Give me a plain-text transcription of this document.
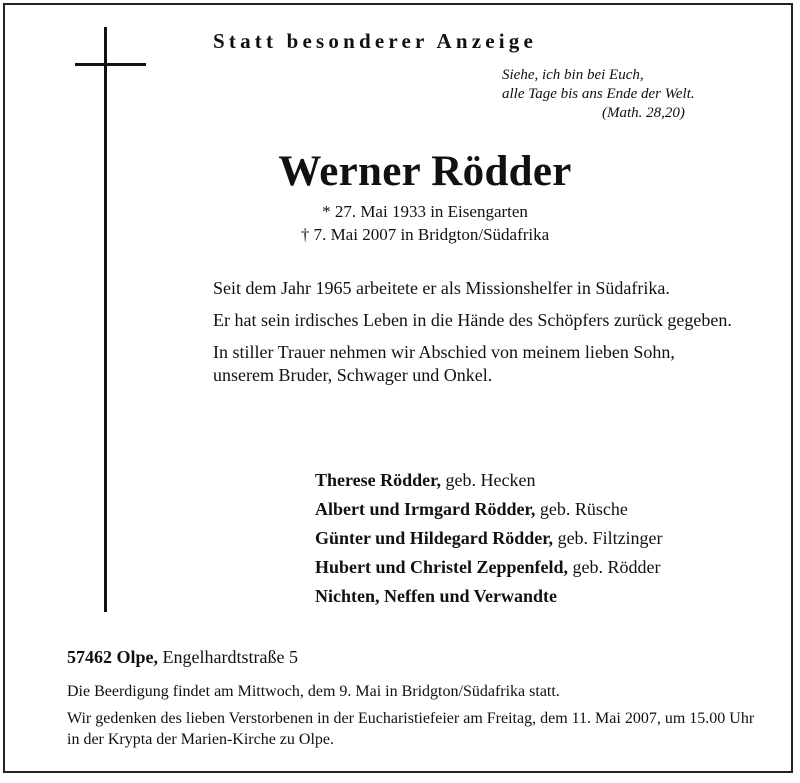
Statt besonderer Anzeige
Siehe, ich bin bei Euch,
alle Tage bis ans Ende der Welt.
(Math. 28,20)
Werner Rödder
* 27. Mai 1933 in Eisengarten
† 7. Mai 2007 in Bridgton/Südafrika

Seit dem Jahr 1965 arbeitete er als Missionshelfer in Südafrika.

Er hat sein irdisches Leben in die Hände des Schöpfers zurück gegeben.

In stiller Trauer nehmen wir Abschied von meinem lieben Sohn, unserem Bruder, Schwager und Onkel.

Therese Rödder, geb. Hecken
Albert und Irmgard Rödder, geb. Rüsche
Günter und Hildegard Rödder, geb. Filtzinger
Hubert und Christel Zeppenfeld, geb. Rödder
Nichten, Neffen und Verwandte
57462 Olpe, Engelhardtstraße 5

Die Beerdigung findet am Mittwoch, dem 9. Mai in Bridgton/Südafrika statt.

Wir gedenken des lieben Verstorbenen in der Eucharistiefeier am Freitag, dem 11. Mai 2007, um 15.00 Uhr in der Krypta der Marien-Kirche zu Olpe.
